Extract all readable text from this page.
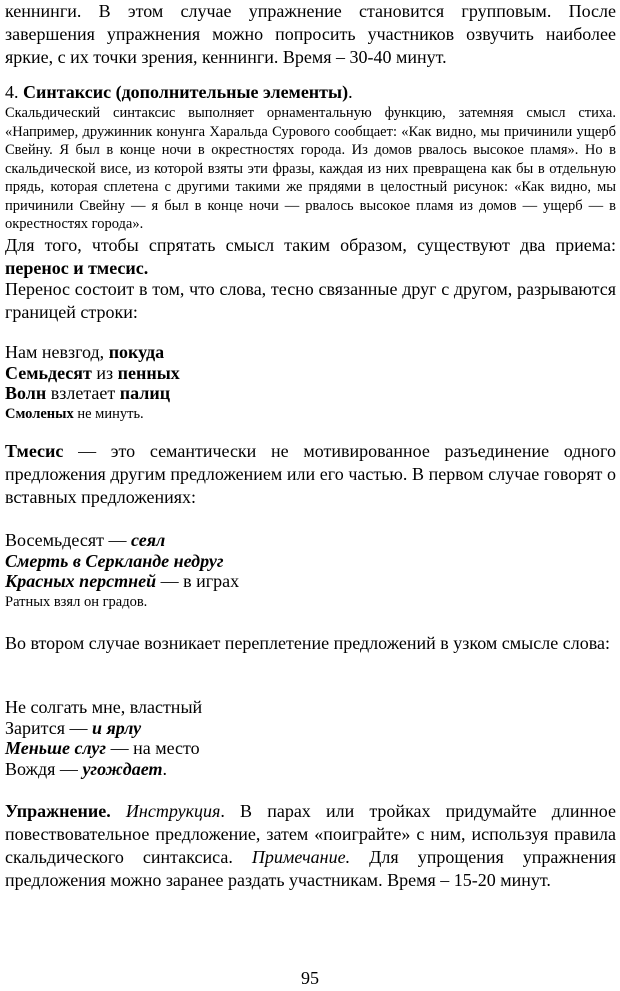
кеннинги. В этом случае упражнение становится групповым. После завершения упражнения можно попросить участников озвучить наиболее яркие, с их точки зрения, кеннинги. Время – 30-40 минут.

4. Синтаксис (дополнительные элементы).

Скальдический синтаксис выполняет орнаментальную функцию, затемняя смысл стиха. «Например, дружинник конунга Харальда Сурового сообщает: «Как видно, мы причинили ущерб Свейну. Я был в конце ночи в окрестностях города. Из домов рвалось высокое пламя». Но в скальдической висе, из которой взяты эти фразы, каждая из них превращена как бы в отдельную прядь, которая сплетена с другими такими же прядями в целостный рисунок: «Как видно, мы причинили Свейну — я был в конце ночи — рвалось высокое пламя из домов — ущерб — в окрестностях города».

Для того, чтобы спрятать смысл таким образом, существуют два приема: перенос и тмесис.

Перенос состоит в том, что слова, тесно связанные друг с другом, разрываются границей строки:

Нам невзгод, покуда
Семьдесят из пенных
Волн взлетает палиц
Смоленых не минуть.

Тмесис — это семантически не мотивированное разъединение одного предложения другим предложением или его частью. В первом случае говорят о вставных предложениях:

Восемьдесят — сеял
Смерть в Серкланде недруг
Красных перстней — в играх
Ратных взял он градов.

Во втором случае возникает переплетение предложений в узком смысле слова:

Не солгать мне, властный
Зарится — и ярлу
Меньше слуг — на место
Вождя — угождает.

Упражнение. Инструкция. В парах или тройках придумайте длинное повествовательное предложение, затем «поиграйте» с ним, используя правила скальдического синтаксиса. Примечание. Для упрощения упражнения предложения можно заранее раздать участникам. Время – 15-20 минут.

95
